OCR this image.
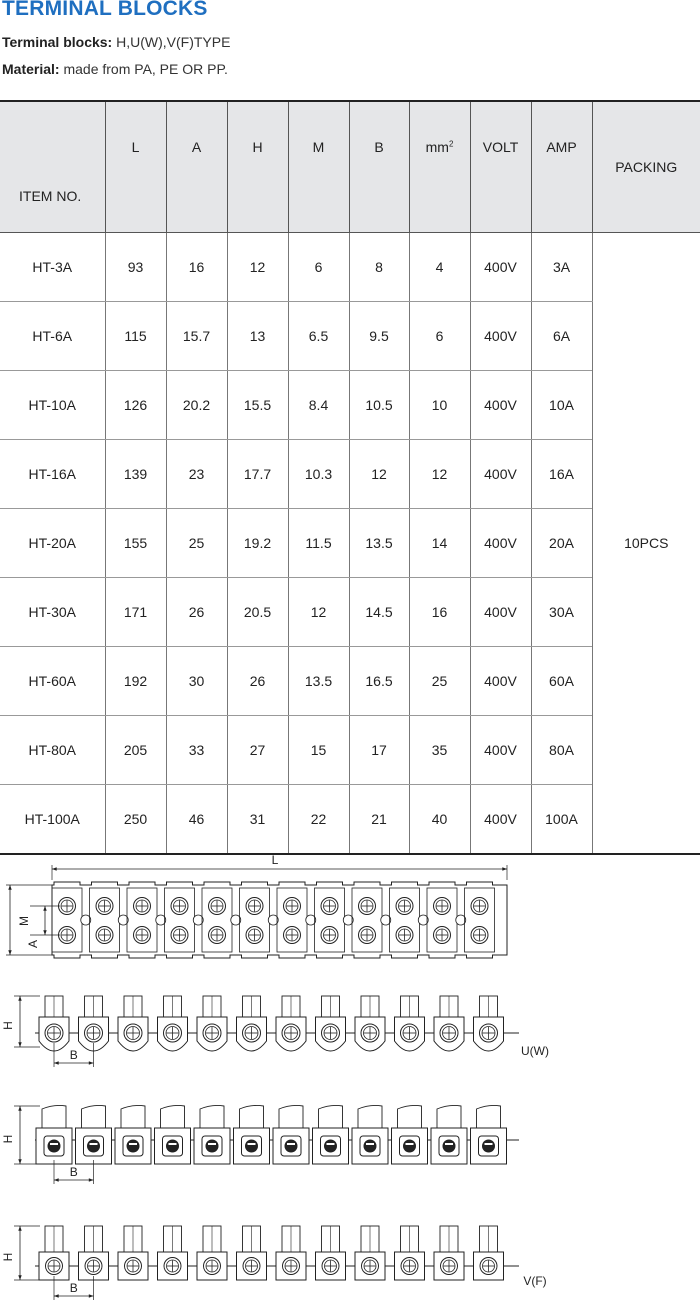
TERMINAL BLOCKS
Terminal blocks: H,U(W),V(F)TYPE
Material: made from PA, PE OR PP.
ITEM NO.	L	A	H	M	B	$mm^2$	VOLT	AMP	PACKING
HT-3A	93	16	12	6	8	4	400V	3A	10PCS
HT-6A	115	15.7	13	6.5	9.5	6	400V	6A	
HT-10A	126	20.2	15.5	8.4	10.5	10	400V	10A	
HT-16A	139	23	17.7	10.3	12	12	400V	16A	
HT-20A	155	25	19.2	11.5	13.5	14	400V	20A	
HT-30A	171	26	20.5	12	14.5	16	400V	30A	
HT-60A	192	30	26	13.5	16.5	25	400V	60A	
HT-80A	205	33	27	15	17	35	400V	80A	
HT-100A	250	46	31	22	21	40	400V	100A	
L
M
A
H
B	U(W)
H
B
H
B	V(F)
